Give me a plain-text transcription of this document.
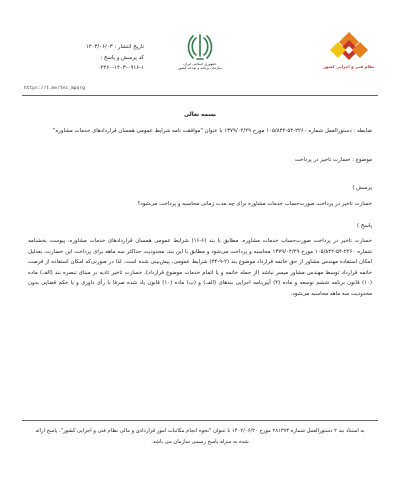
تاریخ انتشار : ۱۴۰۳/۰۶/۰۳
کد پرسش و پاسخ :
۰۲۲۶۰-۱۴۰۳-۰۹۱۶-۱
جمهوری اسلامی ایران
سازمان برنامه و بودجه کشور	نظام فنی و اجرایی کشور
https://t.me/tec_mporg
بسمه تعالی
ضابطه : دستورالعمل شماره ۲۲۶۰-۵۴-۱۰۵/۸۴۲ مورخ ۱۳۷۹/۰۴/۲۹ با عنوان "موافقت نامه شرایط عمومی همسان قراردادهای خدمات مشاوره"
موضوع : خسارت تاخیر در پرداخت
پرسش )
خسارت تاخیر در پرداخت صورت‌حساب خدمات مشاوره برای چه مدت زمانی محاسبه و پرداخت می‌شود؟
پاسخ )
خسارت تاخیر در پرداخت صورت‌حساب خدمات مشاوره، مطابق با بند (۶-۱۶) شرایط عمومی همسان قراردادهای خدمات مشاوره، پیوست بخشنامه شماره ۲۲۶۰-۵۴-۱۰۵/۸۴۲ مورخ ۱۳۷۹/۰۴/۲۹ محاسبه و پرداخت می‌شود و مطابق با این بند، محدودیت حداکثر سه ماهه برای پرداخت این خسارت، بعدلیل امکان استفاده مهندس مشاور از حق خاتمه قرارداد موضوع بند (۲-۹-۲۴) شرایط عمومی، پیش‌بینی شده است. لذا در صورتی‌که امکان استفاده از فرصت خاتمه قرارداد توسط مهندس مشاور میسر نباشد (از جمله خاتمه و یا اتمام خدمات موضوع قرارداد)، خسارت تاخیر تادیه بر مبنای تبصره بند (الف) ماده (۱۰) قانون برنامه ششم توسعه و ماده (۴) آیین‌نامه اجرایی بندهای (الف) و (ب) ماده (۱۰) قانون یاد شده صرفا با رأی داوری و یا حکم قضایی بدون محدودیت سه ماهه محاسبه می‌شود.
به استناد بند ۲ دستورالعمل شماره ۲۸۱۳۷۴ مورخ ۱۴۰۲/۰۶/۲۰ با عنوان "نحوه انجام مکاتبات امور قراردادی و مالی نظام فنی و اجرایی کشور"، پاسخ ارائه شده به منزله پاسخ رسمی سازمان می باشد.
